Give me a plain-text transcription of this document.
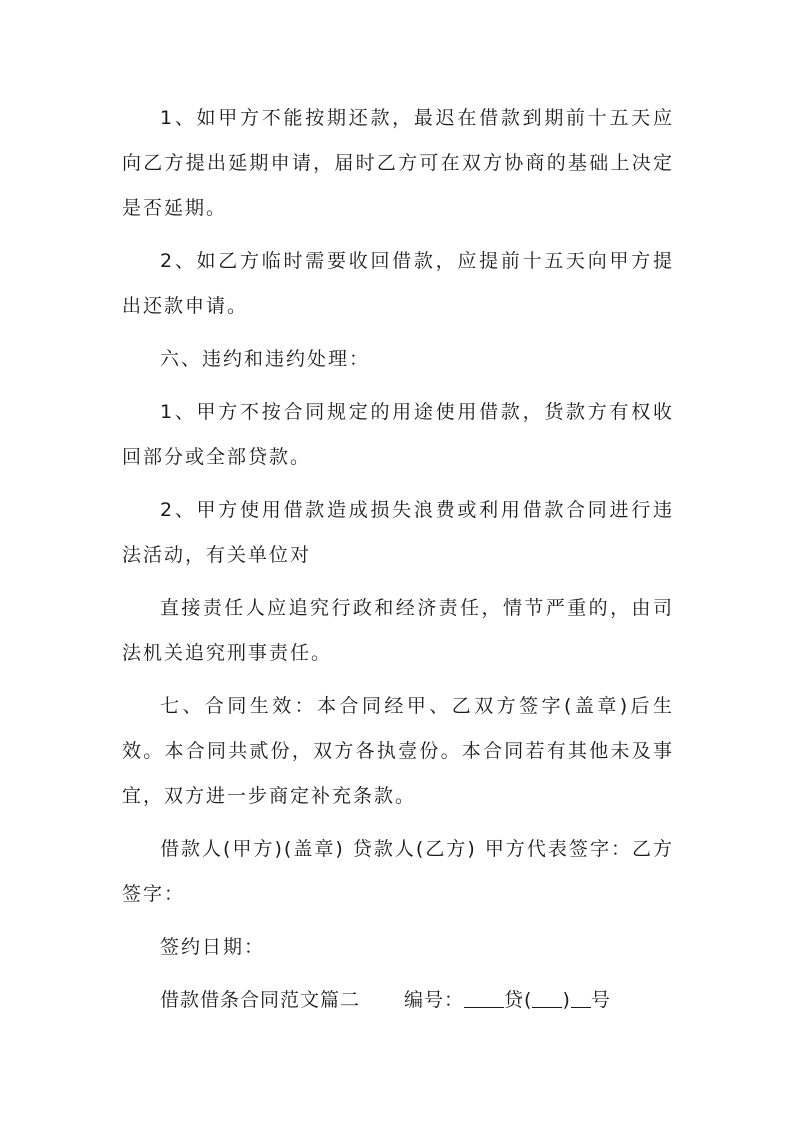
1、如甲方不能按期还款，最迟在借款到期前十五天应向乙方提出延期申请，届时乙方可在双方协商的基础上决定是否延期。

2、如乙方临时需要收回借款，应提前十五天向甲方提出还款申请。

六、违约和违约处理：

1、甲方不按合同规定的用途使用借款，货款方有权收回部分或全部贷款。

2、甲方使用借款造成损失浪费或利用借款合同进行违法活动，有关单位对

直接责任人应追究行政和经济责任，情节严重的，由司法机关追究刑事责任。

七、合同生效：本合同经甲、乙双方签字(盖章)后生效。本合同共贰份，双方各执壹份。本合同若有其他未及事宜，双方进一步商定补充条款。

借款人(甲方)(盖章) 贷款人(乙方) 甲方代表签字：乙方签字：

签约日期：

借款借条合同范文篇二 编号： 贷( ) 号
